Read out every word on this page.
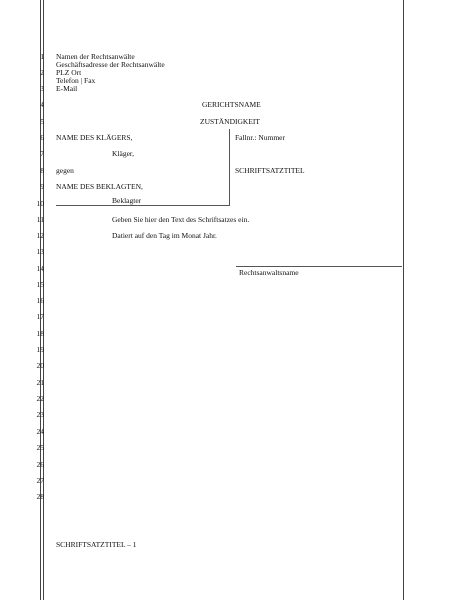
1
2
3
4
5
6
7
8
9
10
11
12
13
14
15
16
17
18
19
20
21
22
23
24
25
26
27
28
Namen der Rechtsanwälte
Geschäftsadresse der Rechtsanwälte
PLZ Ort
Telefon | Fax
E-Mail
GERICHTSNAME
ZUSTÄNDIGKEIT
NAME DES KLÄGERS,
Kläger,
gegen
NAME DES BEKLAGTEN,
Beklagter
Fallnr.: Nummer
SCHRIFTSATZTITEL
Geben Sie hier den Text des Schriftsatzes ein.
Datiert auf den Tag im Monat Jahr.
Rechtsanwaltsname
SCHRIFTSATZTITEL – 1
